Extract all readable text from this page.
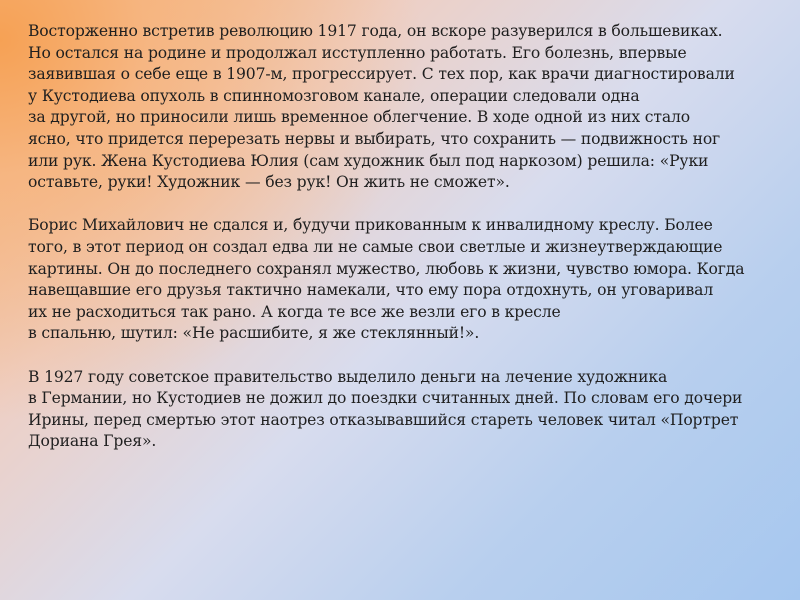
Восторженно встретив революцию 1917 года, он вскоре разуверился в большевиках.
Но остался на родине и продолжал исступленно работать. Его болезнь, впервые
заявившая о себе еще в 1907-м, прогрессирует. С тех пор, как врачи диагностировали
у Кустодиева опухоль в спинномозговом канале, операции следовали одна
за другой, но приносили лишь временное облегчение. В ходе одной из них стало
ясно, что придется перерезать нервы и выбирать, что сохранить — подвижность ног
или рук. Жена Кустодиева Юлия (сам художник был под наркозом) решила: «Руки
оставьте, руки! Художник — без рук! Он жить не сможет».
Борис Михайлович не сдался и, будучи прикованным к инвалидному креслу. Более
того, в этот период он создал едва ли не самые свои светлые и жизнеутверждающие
картины. Он до последнего сохранял мужество, любовь к жизни, чувство юмора. Когда
навещавшие его друзья тактично намекали, что ему пора отдохнуть, он уговаривал
их не расходиться так рано. А когда те все же везли его в кресле
в спальню, шутил: «Не расшибите, я же стеклянный!».
В 1927 году советское правительство выделило деньги на лечение художника
в Германии, но Кустодиев не дожил до поездки считанных дней. По словам его дочери
Ирины, перед смертью этот наотрез отказывавшийся стареть человек читал «Портрет
Дориана Грея».
